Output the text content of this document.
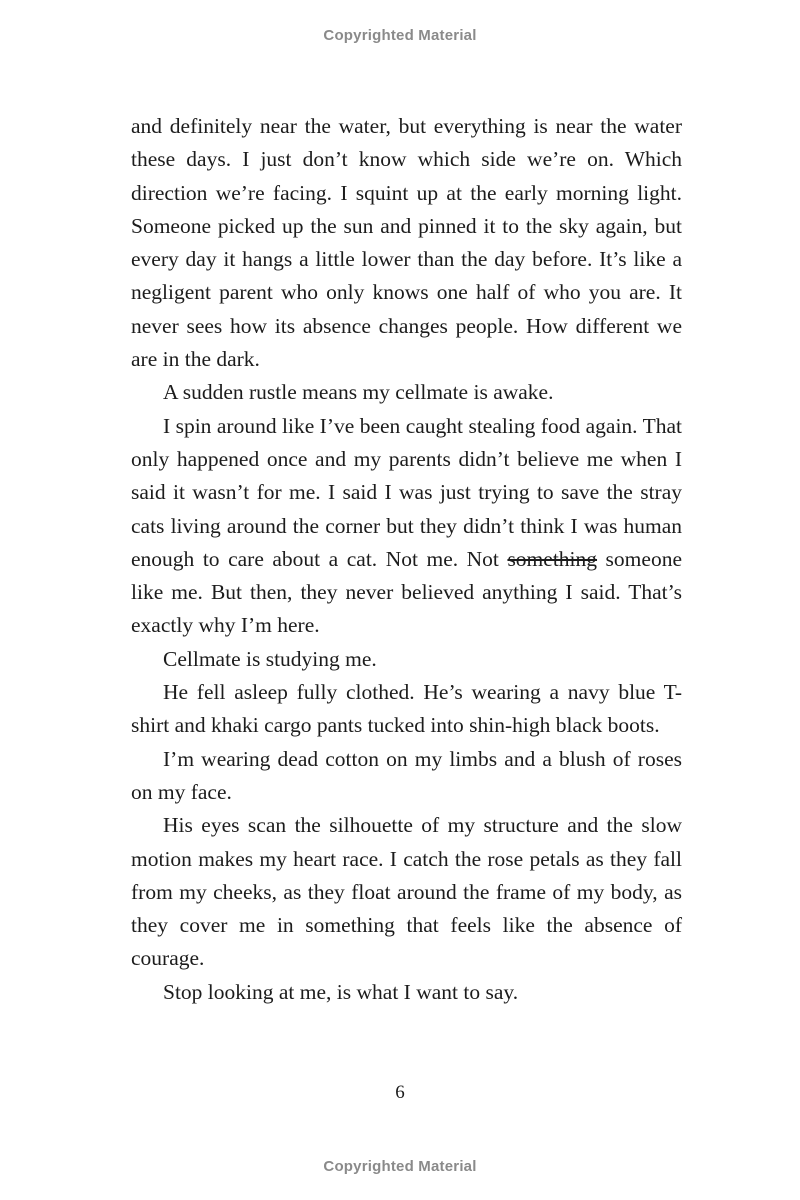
Copyrighted Material

and definitely near the water, but everything is near the water these days. I just don’t know which side we’re on. Which direction we’re facing. I squint up at the early morning light. Someone picked up the sun and pinned it to the sky again, but every day it hangs a little lower than the day before. It’s like a negligent parent who only knows one half of who you are. It never sees how its absence changes people. How different we are in the dark.

A sudden rustle means my cellmate is awake.

I spin around like I’ve been caught stealing food again. That only happened once and my parents didn’t believe me when I said it wasn’t for me. I said I was just trying to save the stray cats living around the corner but they didn’t think I was human enough to care about a cat. Not me. Not something someone like me. But then, they never believed anything I said. That’s exactly why I’m here.

Cellmate is studying me.

He fell asleep fully clothed. He’s wearing a navy blue T-shirt and khaki cargo pants tucked into shin-high black boots.

I’m wearing dead cotton on my limbs and a blush of roses on my face.

His eyes scan the silhouette of my structure and the slow motion makes my heart race. I catch the rose petals as they fall from my cheeks, as they float around the frame of my body, as they cover me in something that feels like the absence of courage.

Stop looking at me, is what I want to say.

6
Copyrighted Material
